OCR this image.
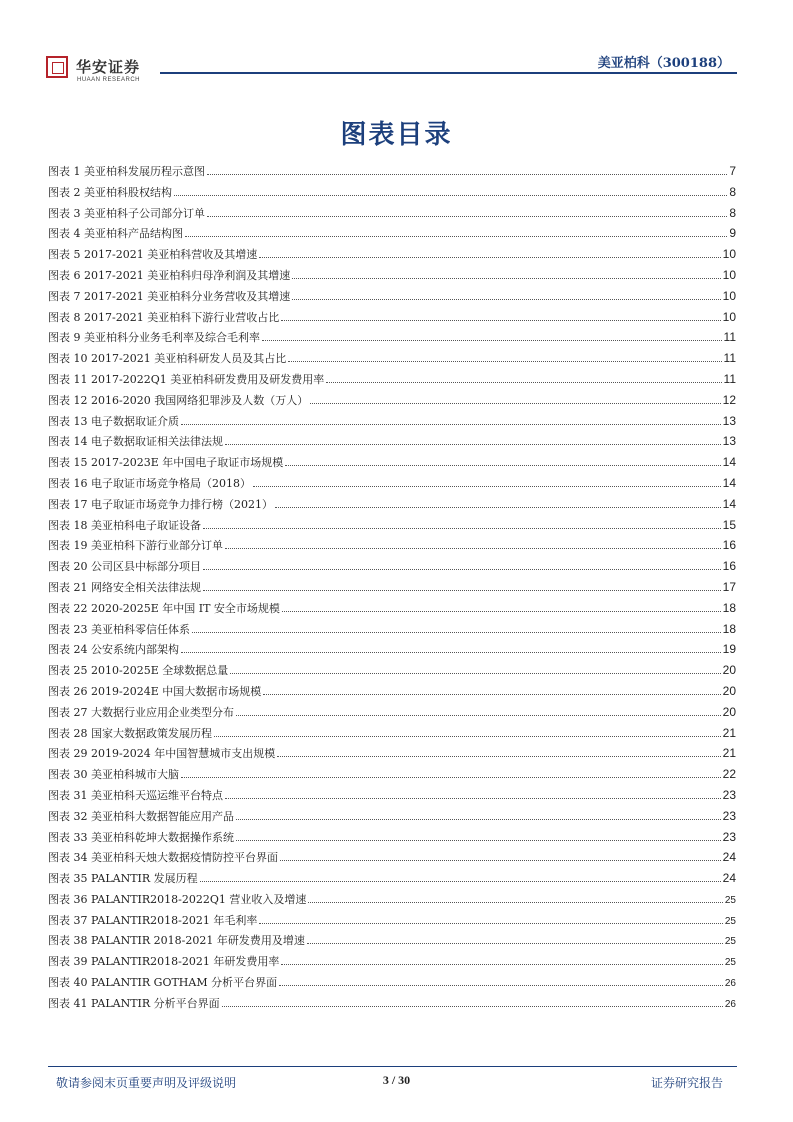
华安证券
HUAAN RESEARCH
美亚柏科（300188）
图表目录
图表 1 美亚柏科发展历程示意图	7
图表 2 美亚柏科股权结构	8
图表 3 美亚柏科子公司部分订单	8
图表 4 美亚柏科产品结构图	9
图表 5 2017-2021 美亚柏科营收及其增速	10
图表 6 2017-2021 美亚柏科归母净利润及其增速	10
图表 7 2017-2021 美亚柏科分业务营收及其增速	10
图表 8 2017-2021 美亚柏科下游行业营收占比	10
图表 9 美亚柏科分业务毛利率及综合毛利率	11
图表 10 2017-2021 美亚柏科研发人员及其占比	11
图表 11 2017-2022Q1 美亚柏科研发费用及研发费用率	11
图表 12 2016-2020 我国网络犯罪涉及人数（万人）	12
图表 13 电子数据取证介质	13
图表 14 电子数据取证相关法律法规	13
图表 15 2017-2023E 年中国电子取证市场规模	14
图表 16 电子取证市场竞争格局（2018）	14
图表 17 电子取证市场竞争力排行榜（2021）	14
图表 18 美亚柏科电子取证设备	15
图表 19 美亚柏科下游行业部分订单	16
图表 20 公司区县中标部分项目	16
图表 21 网络安全相关法律法规	17
图表 22 2020-2025E 年中国 IT 安全市场规模	18
图表 23 美亚柏科零信任体系	18
图表 24 公安系统内部架构	19
图表 25 2010-2025E 全球数据总量	20
图表 26 2019-2024E 中国大数据市场规模	20
图表 27 大数据行业应用企业类型分布	20
图表 28 国家大数据政策发展历程	21
图表 29 2019-2024 年中国智慧城市支出规模	21
图表 30 美亚柏科城市大脑	22
图表 31 美亚柏科天巡运维平台特点	23
图表 32 美亚柏科大数据智能应用产品	23
图表 33 美亚柏科乾坤大数据操作系统	23
图表 34 美亚柏科天烛大数据疫情防控平台界面	24
图表 35 PALANTIR 发展历程	24
图表 36 PALANTIR2018-2022Q1 营业收入及增速	25
图表 37 PALANTIR2018-2021 年毛利率	25
图表 38 PALANTIR 2018-2021 年研发费用及增速	25
图表 39 PALANTIR2018-2021 年研发费用率	25
图表 40 PALANTIR GOTHAM 分析平台界面	26
图表 41 PALANTIR 分析平台界面	26
敬请参阅末页重要声明及评级说明	3 / 30	证券研究报告
